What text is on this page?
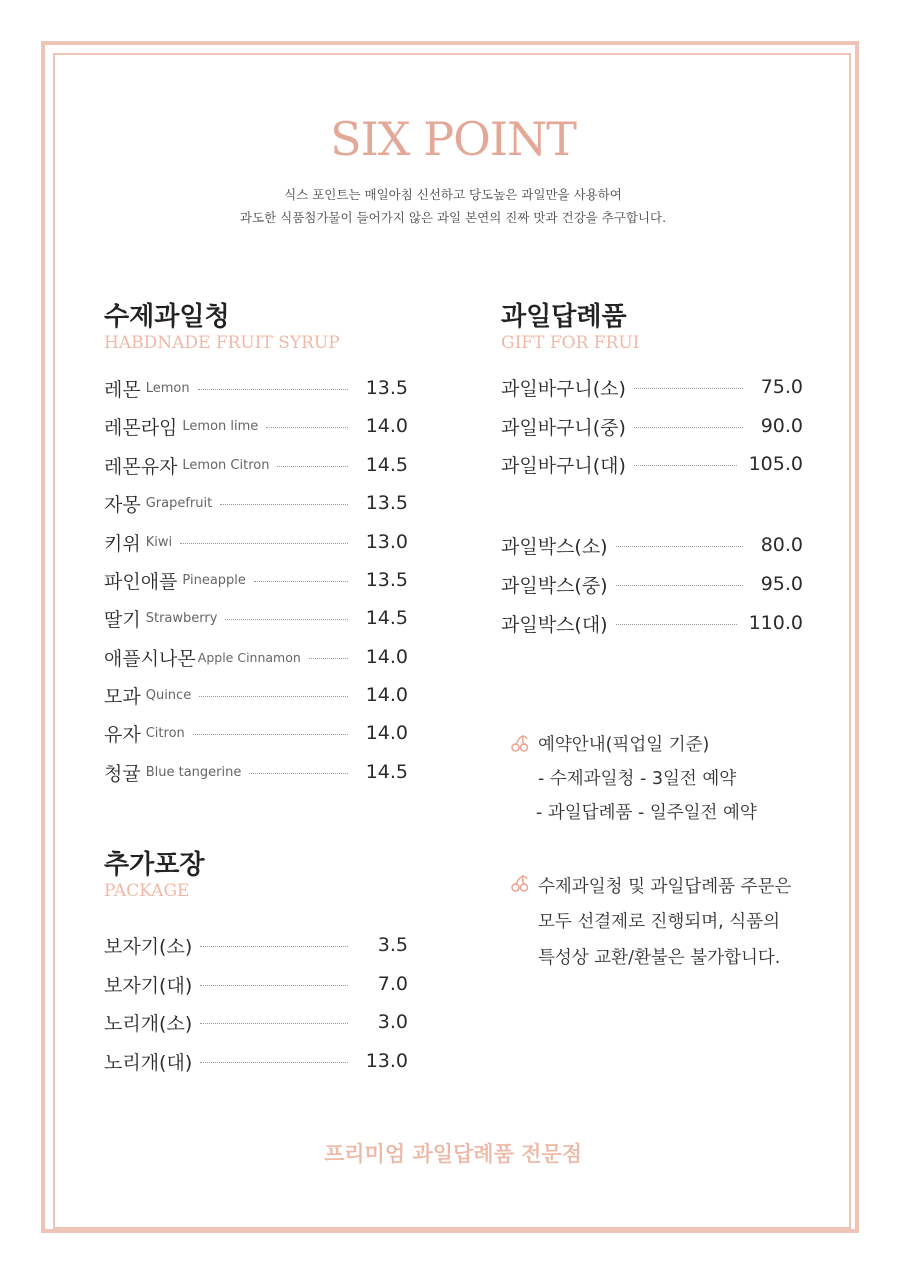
SIX POINT
식스 포인트는 매일아침 신선하고 당도높은 과일만을 사용하여
과도한 식품첨가물이 들어가지 않은 과일 본연의 진짜 맛과 건강을 추구합니다.
수제과일청
HABDNADE FRUIT SYRUP
레몬 Lemon	13.5
레몬라임 Lemon lime	14.0
레몬유자 Lemon Citron	14.5
자몽 Grapefruit	13.5
키위 Kiwi	13.0
파인애플 Pineapple	13.5
딸기 Strawberry	14.5
애플시나몬 Apple Cinnamon	14.0
모과 Quince	14.0
유자 Citron	14.0
청귤 Blue tangerine	14.5
추가포장
PACKAGE
보자기(소)	3.5
보자기(대)	7.0
노리개(소)	3.0
노리개(대)	13.0
과일답례품
GIFT FOR FRUI
과일바구니(소)	75.0
과일바구니(중)	90.0
과일바구니(대)	105.0
과일박스(소)	80.0
과일박스(중)	95.0
과일박스(대)	110.0
예약안내(픽업일 기준)
- 수제과일청 - 3일전 예약
- 과일답례품 - 일주일전 예약
수제과일청 및 과일답례품 주문은
모두 선결제로 진행되며, 식품의
특성상 교환/환불은 불가합니다.
프리미엄 과일답례품 전문점
